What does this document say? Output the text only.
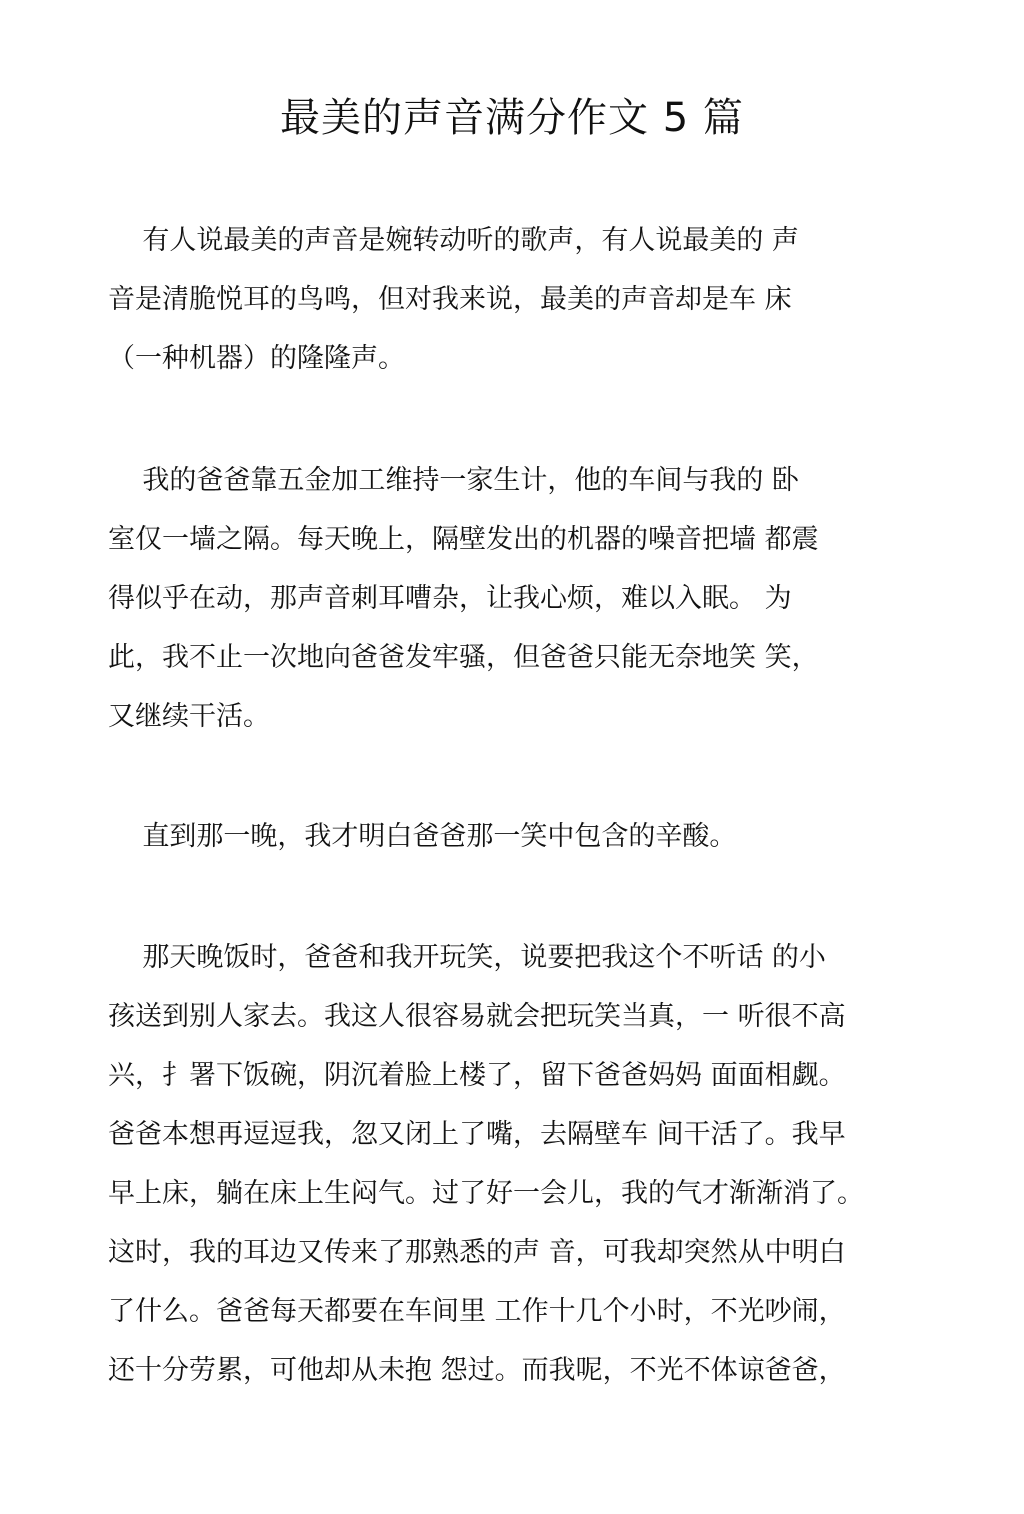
最美的声音满分作文 5 篇
有人说最美的声音是婉转动听的歌声，有人说最美的 声
音是清脆悦耳的鸟鸣，但对我来说，最美的声音却是车 床
（一种机器）的隆隆声。
我的爸爸靠五金加工维持一家生计，他的车间与我的 卧
室仅一墙之隔。每天晚上，隔壁发出的机器的噪音把墙 都震
得似乎在动，那声音刺耳嘈杂，让我心烦，难以入眠。 为
此，我不止一次地向爸爸发牢骚，但爸爸只能无奈地笑 笑，
又继续干活。
直到那一晚，我才明白爸爸那一笑中包含的辛酸。
那天晚饭时，爸爸和我开玩笑，说要把我这个不听话 的小
孩送到别人家去。我这人很容易就会把玩笑当真，一 听很不高
兴，扌署下饭碗，阴沉着脸上楼了，留下爸爸妈妈 面面相觑。
爸爸本想再逗逗我，忽又闭上了嘴，去隔壁车 间干活了。我早
早上床，躺在床上生闷气。过了好一会儿，我的气才渐渐消了。
这时，我的耳边又传来了那熟悉的声 音，可我却突然从中明白
了什么。爸爸每天都要在车间里 工作十几个小时，不光吵闹，
还十分劳累，可他却从未抱 怨过。而我呢，不光不体谅爸爸，
